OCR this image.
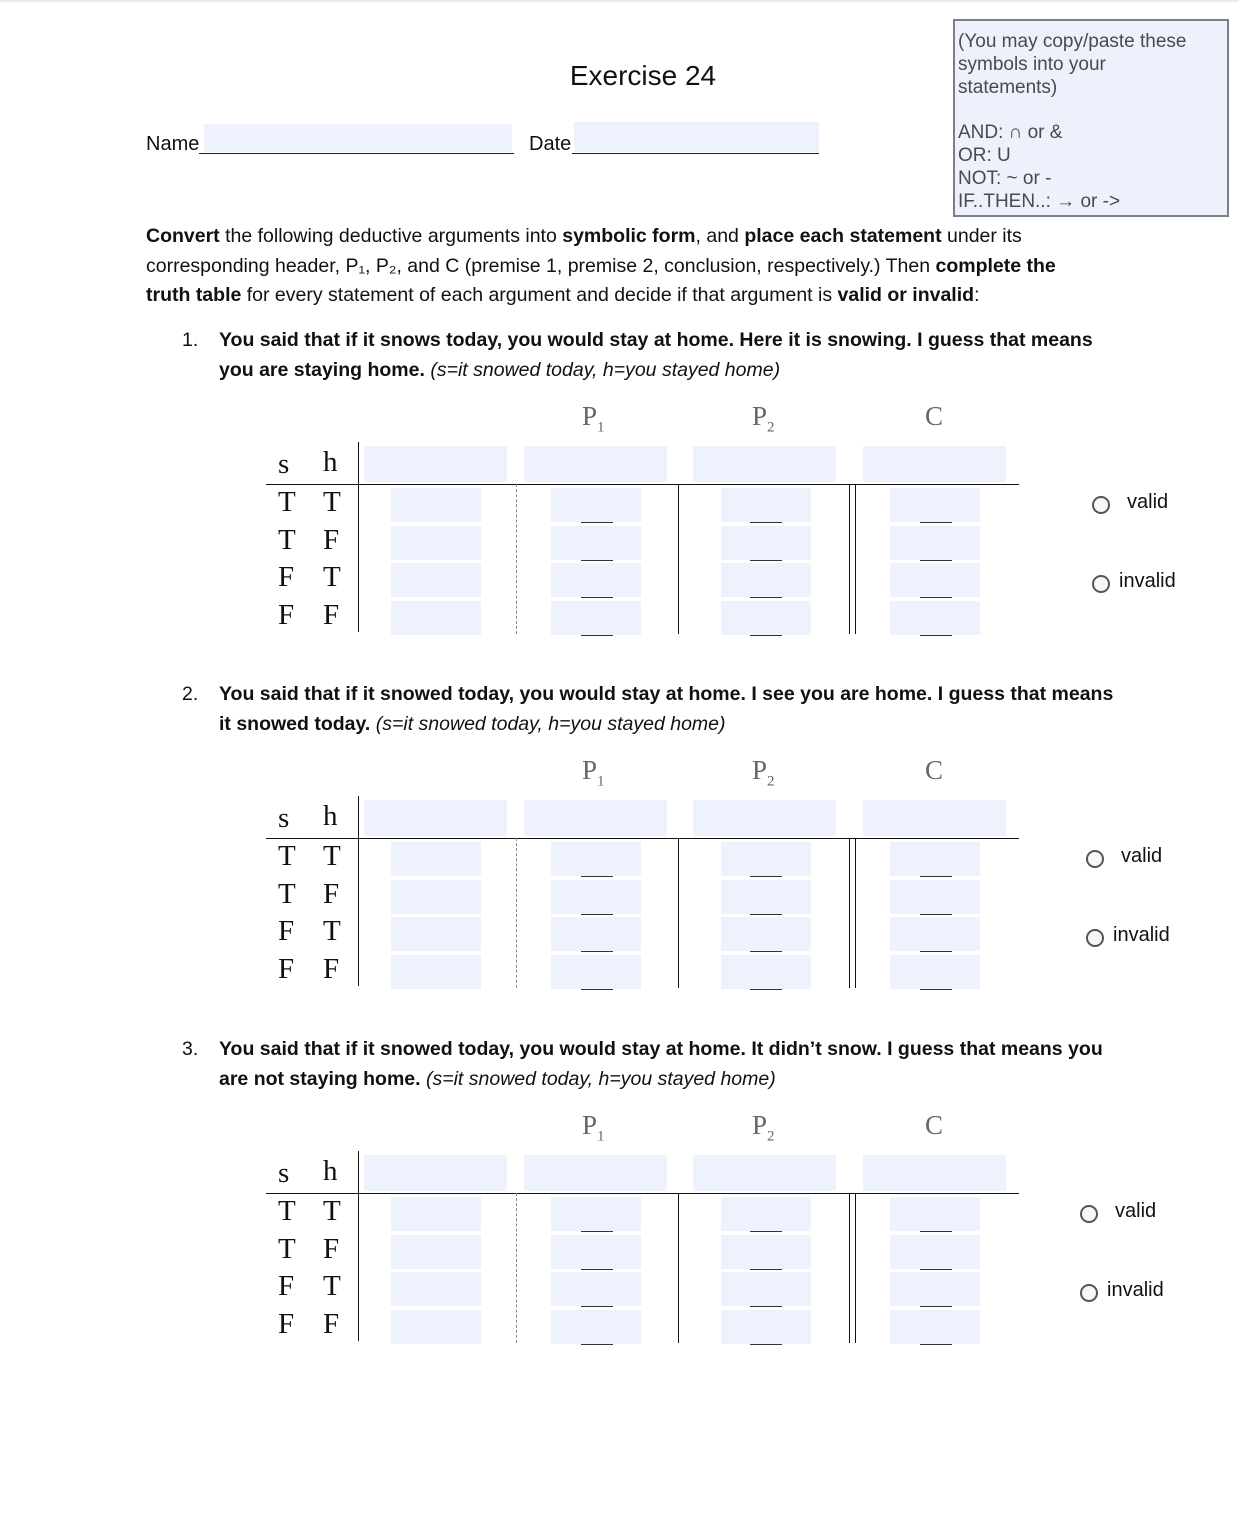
Exercise 24
Name	Date
(You may copy/paste these
symbols into your
statements)
AND: ∩ or &
OR: U
NOT: ~ or -
IF..THEN..: → or ->
Convert the following deductive arguments into symbolic form, and place each statement under its
corresponding header, P₁, P₂, and C (premise 1, premise 2, conclusion, respectively.) Then complete the
truth table for every statement of each argument and decide if that argument is valid or invalid:
1. You said that if it snows today, you would stay at home. Here it is snowing. I guess that means
you are staying home. (s=it snowed today, h=you stayed home)
$P_1$	$P_2$	C
s h
T T
T F
F T
F F
valid
invalid
2. You said that if it snowed today, you would stay at home. I see you are home. I guess that means
it snowed today. (s=it snowed today, h=you stayed home)
$P_1$	$P_2$	C
s h
T T
T F
F T
F F
valid
invalid
3. You said that if it snowed today, you would stay at home. It didn’t snow. I guess that means you
are not staying home. (s=it snowed today, h=you stayed home)
$P_1$	$P_2$	C
s h
T T
T F
F T
F F
valid
invalid
